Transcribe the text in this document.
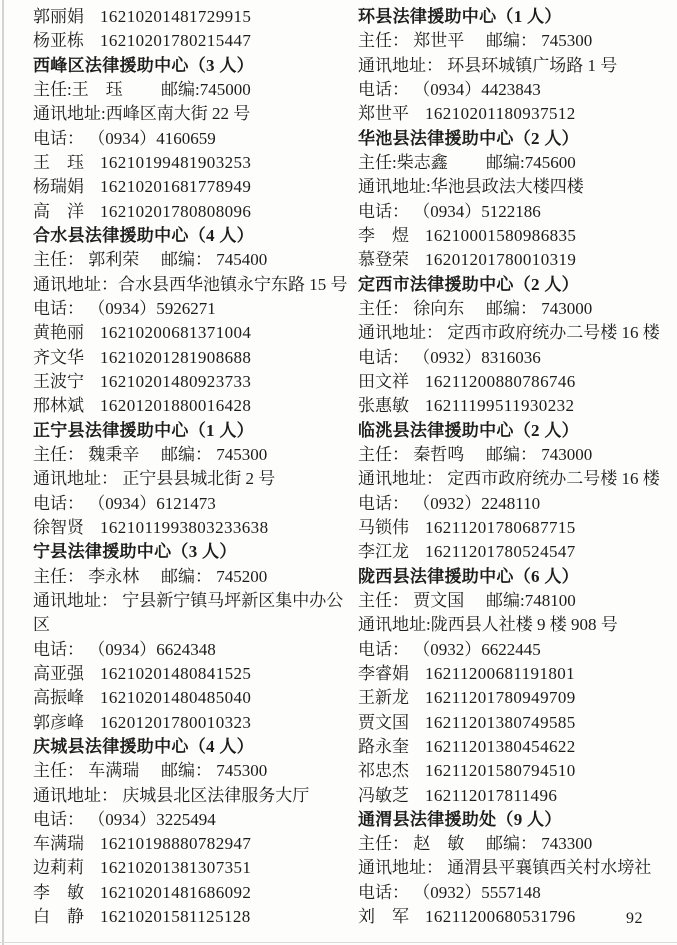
郭丽娟 16210201481729915
杨亚栋 16210201780215447
西峰区法律援助中心（3 人）
主任:王　珏 邮编:745000
通讯地址:西峰区南大街 22 号
电话： （0934）4160659
王　珏 16210199481903253
杨瑞娟 16210201681778949
高　洋 16210201780808096
合水县法律援助中心（4 人）
主任： 郭利荣 邮编： 745400
通讯地址：合水县西华池镇永宁东路 15 号
电话： （0934）5926271
黄艳丽 16210200681371004
齐文华 16210201281908688
王波宁 16210201480923733
邢林斌 16201201880016428
正宁县法律援助中心（1 人）
主任： 魏秉辛 邮编： 745300
通讯地址： 正宁县县城北街 2 号
电话： （0934）6121473
徐智贤 1621011993803233638
宁县法律援助中心（3 人）
主任： 李永林 邮编： 745200
通讯地址： 宁县新宁镇马坪新区集中办公
区
电话： （0934）6624348
高亚强 16210201480841525
高振峰 16210201480485040
郭彦峰 16201201780010323
庆城县法律援助中心（4 人）
主任： 车满瑞 邮编： 745300
通讯地址： 庆城县北区法律服务大厅
电话： （0934）3225494
车满瑞 16210198880782947
边莉莉 16210201381307351
李　敏 16210201481686092
白　静 16210201581125128
环县法律援助中心（1 人）
主任： 郑世平 邮编： 745300
通讯地址： 环县环城镇广场路 1 号
电话： （0934）4423843
郑世平 16210201180937512
华池县法律援助中心（2 人）
主任:柴志鑫 邮编:745600
通讯地址:华池县政法大楼四楼
电话： （0934）5122186
李　煜 16210001580986835
慕登荣 16201201780010319
定西市法律援助中心（2 人）
主任： 徐向东 邮编： 743000
通讯地址： 定西市政府统办二号楼 16 楼
电话： （0932）8316036
田文祥 16211200880786746
张惠敏 16211199511930232
临洮县法律援助中心（2 人）
主任： 秦哲鸣 邮编： 743000
通讯地址： 定西市政府统办二号楼 16 楼
电话： （0932）2248110
马锁伟 16211201780687715
李江龙 16211201780524547
陇西县法律援助中心（6 人）
主任： 贾文国 邮编:748100
通讯地址:陇西县人社楼 9 楼 908 号
电话： （0932）6622445
李睿娟 16211200681191801
王新龙 16211201780949709
贾文国 16211201380749585
路永奎 16211201380454622
祁忠杰 16211201580794510
冯敏芝 162112017811496
通渭县法律援助处（9 人）
主任： 赵　敏 邮编： 743300
通讯地址： 通渭县平襄镇西关村水塝社
电话： （0932）5557148
刘　军 16211200680531796	92
